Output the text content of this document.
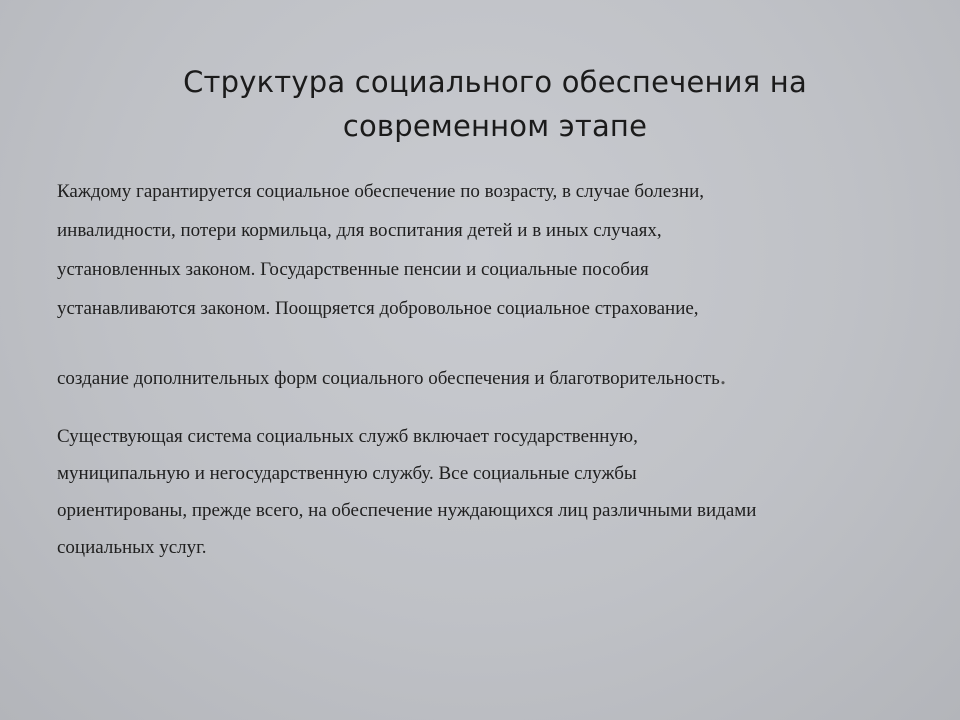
Структура социального обеспечения на
современном этапе

Каждому гарантируется социальное обеспечение по возрасту, в случае болезни,
инвалидности, потери кормильца, для воспитания детей и в иных случаях,
установленных законом. Государственные пенсии и социальные пособия
устанавливаются законом. Поощряется добровольное социальное страхование,

создание дополнительных форм социального обеспечения и благотворительность.

Существующая система социальных служб включает государственную,
муниципальную и негосударственную службу. Все социальные службы
ориентированы, прежде всего, на обеспечение нуждающихся лиц различными видами
социальных услуг.
